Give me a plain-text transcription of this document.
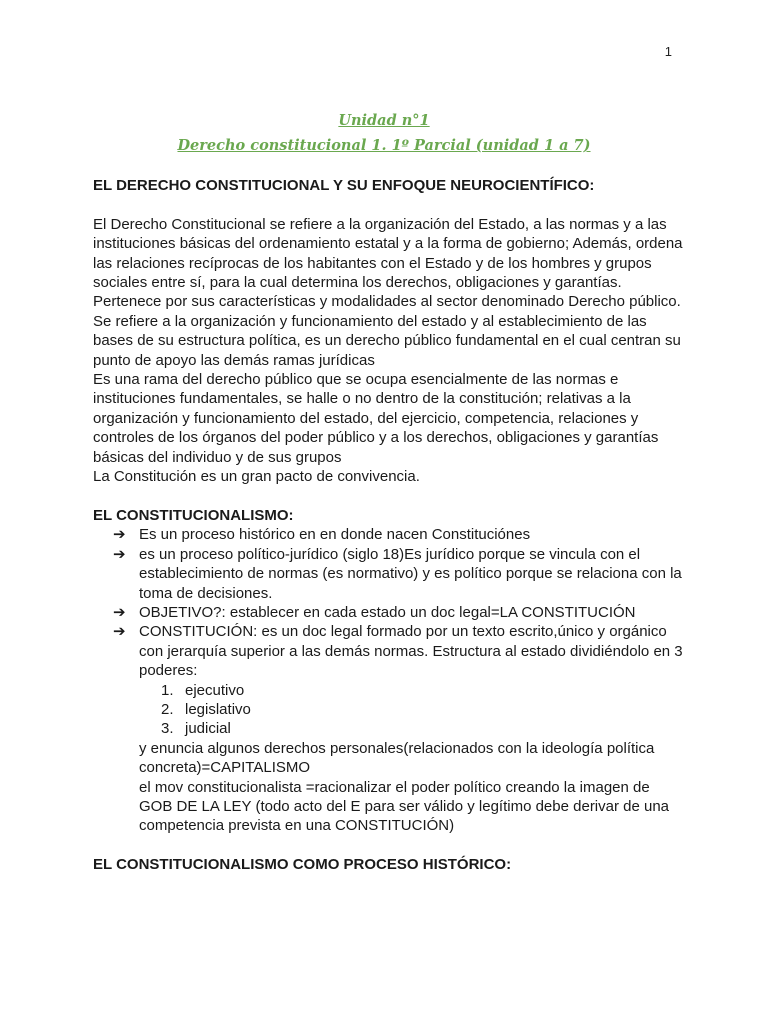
1
Unidad n°1
Derecho constitucional 1. 1º Parcial (unidad 1 a 7)

EL DERECHO CONSTITUCIONAL Y SU ENFOQUE NEUROCIENTÍFICO:

El Derecho Constitucional se refiere a la organización del Estado, a las normas y a las instituciones básicas del ordenamiento estatal y a la forma de gobierno; Además, ordena las relaciones recíprocas de los habitantes con el Estado y de los hombres y grupos sociales entre sí, para la cual determina los derechos, obligaciones y garantías. Pertenece por sus características y modalidades al sector denominado Derecho público.

Se refiere a la organización y funcionamiento del estado y al establecimiento de las bases de su estructura política, es un derecho público fundamental en el cual centran su punto de apoyo las demás ramas jurídicas

Es una rama del derecho público que se ocupa esencialmente de las normas e instituciones fundamentales, se halle o no dentro de la constitución; relativas a la organización y funcionamiento del estado, del ejercicio, competencia, relaciones y controles de los órganos del poder público y a los derechos, obligaciones y garantías básicas del individuo y de sus grupos

La Constitución es un gran pacto de convivencia.

EL CONSTITUCIONALISMO:

➔ Es un proceso histórico en en donde nacen Constituciónes
➔ es un proceso político-jurídico (siglo 18)Es jurídico porque se vincula con el establecimiento de normas (es normativo) y es político porque se relaciona con la toma de decisiones.
➔ OBJETIVO?: establecer en cada estado un doc legal=LA CONSTITUCIÓN
➔ CONSTITUCIÓN: es un doc legal formado por un texto escrito,único y orgánico con jerarquía superior a las demás normas. Estructura al estado dividiéndolo en 3 poderes:
1. ejecutivo
2. legislativo
3. judicial

y enuncia algunos derechos personales(relacionados con la ideología política concreta)=CAPITALISMO

el mov constitucionalista =racionalizar el poder político creando la imagen de GOB DE LA LEY (todo acto del E para ser válido y legítimo debe derivar de una competencia prevista en una CONSTITUCIÓN)

EL CONSTITUCIONALISMO COMO PROCESO HISTÓRICO:
